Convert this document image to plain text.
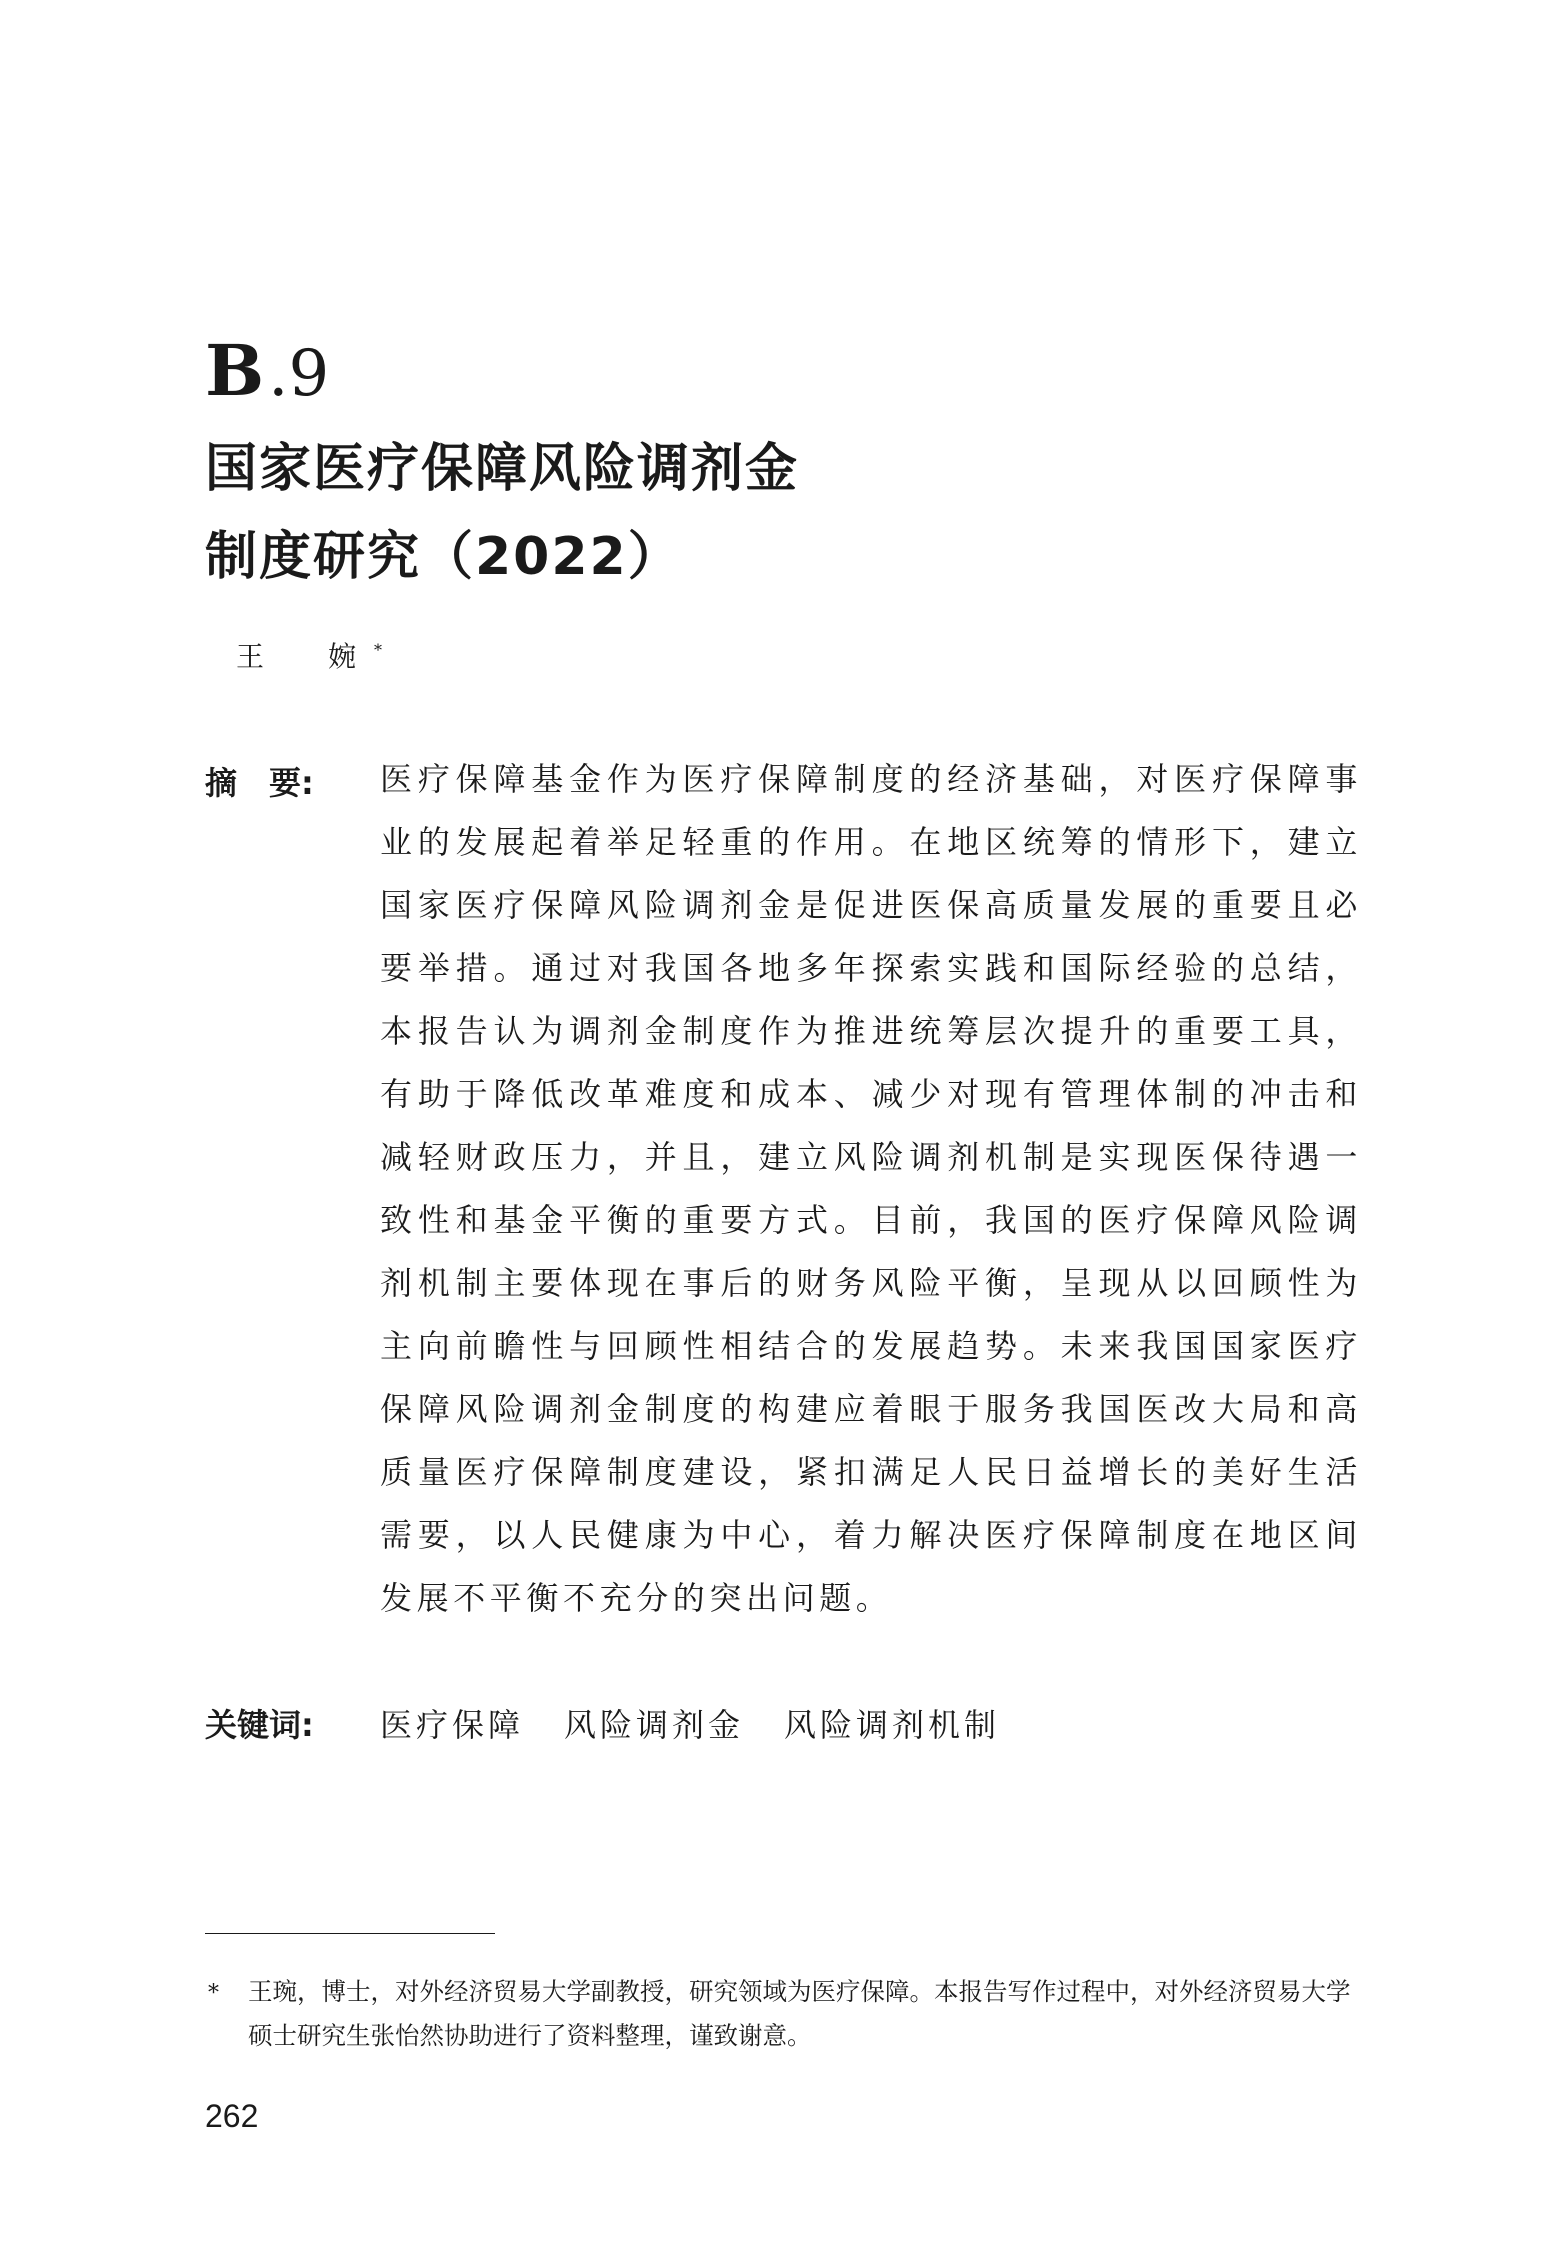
B .9
国家医疗保障风险调剂金
制度研究（2022）
王　婉*
摘　要: 医疗保障基金作为医疗保障制度的经济基础，对医疗保障事业的发展起着举足轻重的作用。在地区统筹的情形下，建立国家医疗保障风险调剂金是促进医保高质量发展的重要且必要举措。通过对我国各地多年探索实践和国际经验的总结，本报告认为调剂金制度作为推进统筹层次提升的重要工具，有助于降低改革难度和成本、减少对现有管理体制的冲击和减轻财政压力，并且，建立风险调剂机制是实现医保待遇一致性和基金平衡的重要方式。目前，我国的医疗保障风险调剂机制主要体现在事后的财务风险平衡，呈现从以回顾性为主向前瞻性与回顾性相结合的发展趋势。未来我国国家医疗保障风险调剂金制度的构建应着眼于服务我国医改大局和高质量医疗保障制度建设，紧扣满足人民日益增长的美好生活需要，以人民健康为中心，着力解决医疗保障制度在地区间发展不平衡不充分的突出问题。
关键词: 医疗保障 风险调剂金 风险调剂机制
* 王琬，博士，对外经济贸易大学副教授，研究领域为医疗保障。本报告写作过程中，对外经济贸易大学硕士研究生张怡然协助进行了资料整理，谨致谢意。
262
